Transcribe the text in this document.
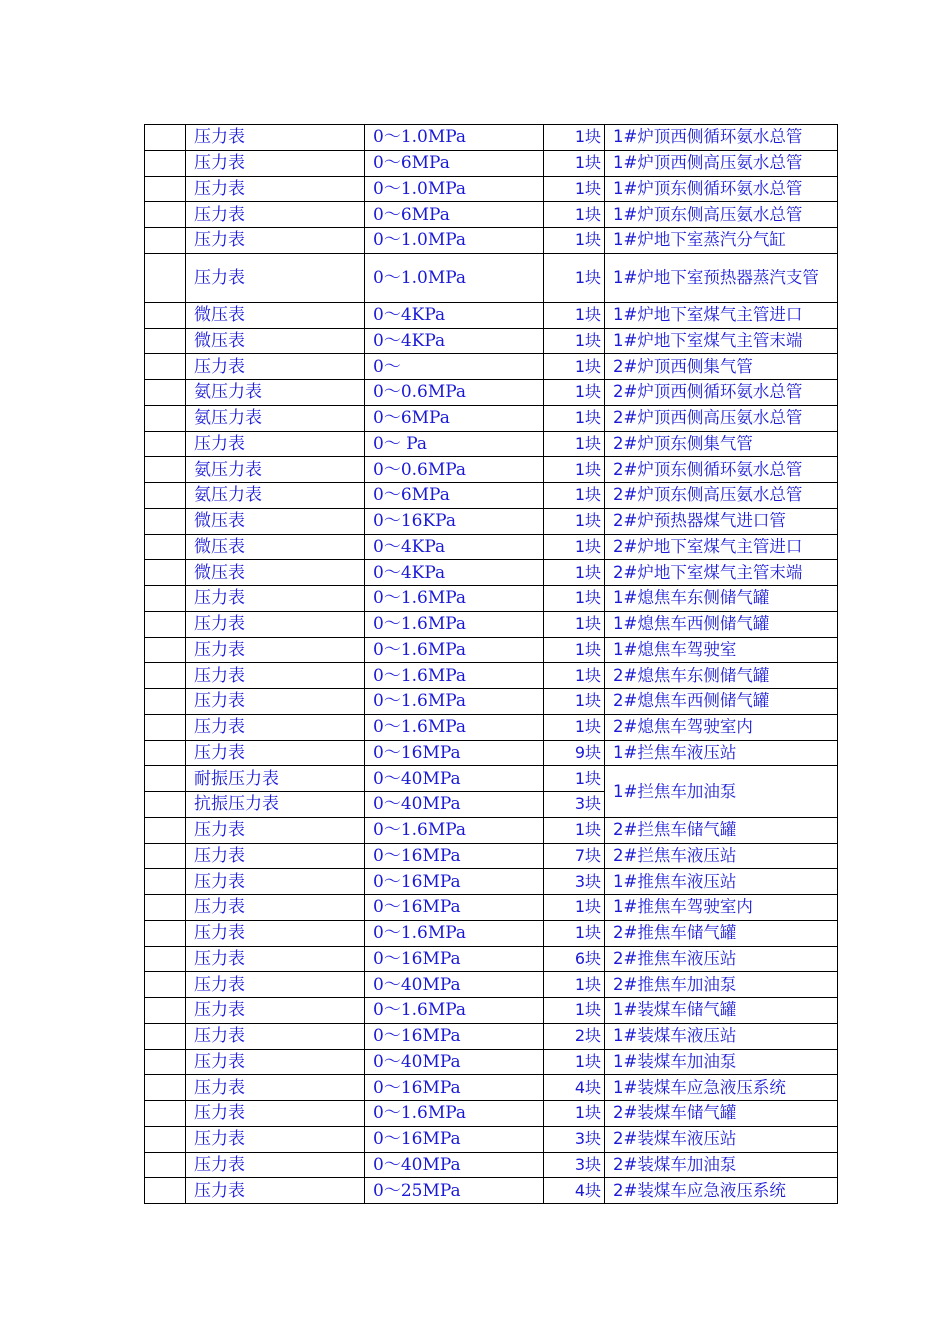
	压力表	0～1.0MPa	1块	1#炉顶西侧循环氨水总管
	压力表	0～6MPa	1块	1#炉顶西侧高压氨水总管
	压力表	0～1.0MPa	1块	1#炉顶东侧循环氨水总管
	压力表	0～6MPa	1块	1#炉顶东侧高压氨水总管
	压力表	0～1.0MPa	1块	1#炉地下室蒸汽分气缸
	压力表	0～1.0MPa	1块	1#炉地下室预热器蒸汽支管
	微压表	0～4KPa	1块	1#炉地下室煤气主管进口
	微压表	0～4KPa	1块	1#炉地下室煤气主管末端
	压力表	0～	1块	2#炉顶西侧集气管
	氨压力表	0～0.6MPa	1块	2#炉顶西侧循环氨水总管
	氨压力表	0～6MPa	1块	2#炉顶西侧高压氨水总管
	压力表	0～ Pa	1块	2#炉顶东侧集气管
	氨压力表	0～0.6MPa	1块	2#炉顶东侧循环氨水总管
	氨压力表	0～6MPa	1块	2#炉顶东侧高压氨水总管
	微压表	0～16KPa	1块	2#炉预热器煤气进口管
	微压表	0～4KPa	1块	2#炉地下室煤气主管进口
	微压表	0～4KPa	1块	2#炉地下室煤气主管末端
	压力表	0～1.6MPa	1块	1#熄焦车东侧储气罐
	压力表	0～1.6MPa	1块	1#熄焦车西侧储气罐
	压力表	0～1.6MPa	1块	1#熄焦车驾驶室
	压力表	0～1.6MPa	1块	2#熄焦车东侧储气罐
	压力表	0～1.6MPa	1块	2#熄焦车西侧储气罐
	压力表	0～1.6MPa	1块	2#熄焦车驾驶室内
	压力表	0～16MPa	9块	1#拦焦车液压站
	耐振压力表	0～40MPa	1块	1#拦焦车加油泵
	抗振压力表	0～40MPa	3块	
	压力表	0～1.6MPa	1块	2#拦焦车储气罐
	压力表	0～16MPa	7块	2#拦焦车液压站
	压力表	0～16MPa	3块	1#推焦车液压站
	压力表	0～16MPa	1块	1#推焦车驾驶室内
	压力表	0～1.6MPa	1块	2#推焦车储气罐
	压力表	0～16MPa	6块	2#推焦车液压站
	压力表	0～40MPa	1块	2#推焦车加油泵
	压力表	0～1.6MPa	1块	1#装煤车储气罐
	压力表	0～16MPa	2块	1#装煤车液压站
	压力表	0～40MPa	1块	1#装煤车加油泵
	压力表	0～16MPa	4块	1#装煤车应急液压系统
	压力表	0～1.6MPa	1块	2#装煤车储气罐
	压力表	0～16MPa	3块	2#装煤车液压站
	压力表	0～40MPa	3块	2#装煤车加油泵
	压力表	0～25MPa	4块	2#装煤车应急液压系统
